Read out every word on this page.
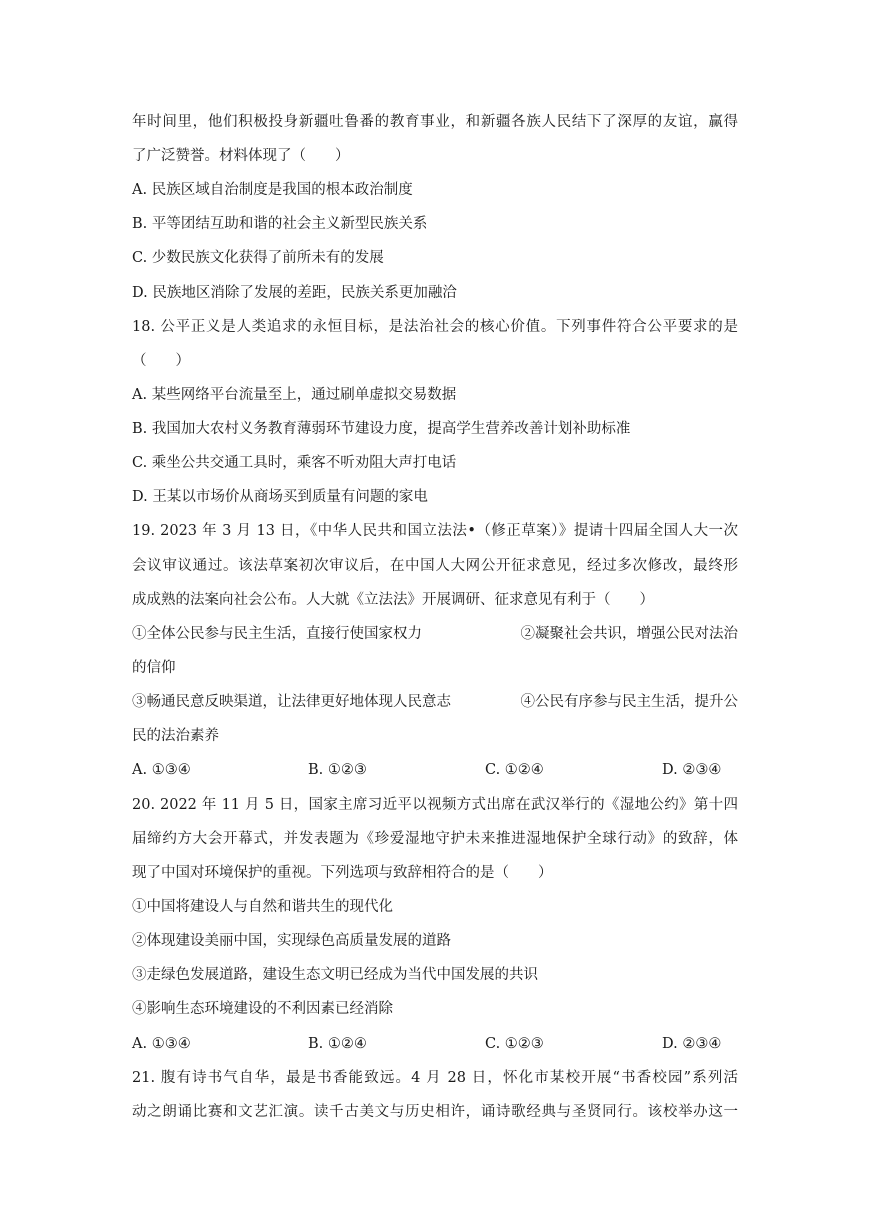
年时间里，他们积极投身新疆吐鲁番的教育事业，和新疆各族人民结下了深厚的友谊，赢得
了广泛赞誉。材料体现了（　　）
A. 民族区域自治制度是我国的根本政治制度
B. 平等团结互助和谐的社会主义新型民族关系
C. 少数民族文化获得了前所未有的发展
D. 民族地区消除了发展的差距，民族关系更加融洽
18. 公平正义是人类追求的永恒目标，是法治社会的核心价值。下列事件符合公平要求的是
（　　）
A. 某些网络平台流量至上，通过刷单虚拟交易数据
B. 我国加大农村义务教育薄弱环节建设力度，提高学生营养改善计划补助标准
C. 乘坐公共交通工具时，乘客不听劝阻大声打电话
D. 王某以市场价从商场买到质量有问题的家电
19. 2023 年 3 月 13 日，《中华人民共和国立法法•（修正草案）》提请十四届全国人大一次
会议审议通过。该法草案初次审议后，在中国人大网公开征求意见，经过多次修改，最终形
成成熟的法案向社会公布。人大就《立法法》开展调研、征求意见有利于（　　）
①全体公民参与民主生活，直接行使国家权力	②凝聚社会共识，增强公民对法治
的信仰
③畅通民意反映渠道，让法律更好地体现人民意志	④公民有序参与民主生活，提升公
民的法治素养
A. ①③④	B. ①②③	C. ①②④	D. ②③④
20. 2022 年 11 月 5 日，国家主席习近平以视频方式出席在武汉举行的《湿地公约》第十四
届缔约方大会开幕式，并发表题为《珍爱湿地守护未来推进湿地保护全球行动》的致辞，体
现了中国对环境保护的重视。下列选项与致辞相符合的是（　　）
①中国将建设人与自然和谐共生的现代化
②体现建设美丽中国，实现绿色高质量发展的道路
③走绿色发展道路，建设生态文明已经成为当代中国发展的共识
④影响生态环境建设的不利因素已经消除
A. ①③④	B. ①②④	C. ①②③	D. ②③④
21. 腹有诗书气自华，最是书香能致远。4 月 28 日，怀化市某校开展“书香校园”系列活
动之朗诵比赛和文艺汇演。读千古美文与历史相许，诵诗歌经典与圣贤同行。该校举办这一
